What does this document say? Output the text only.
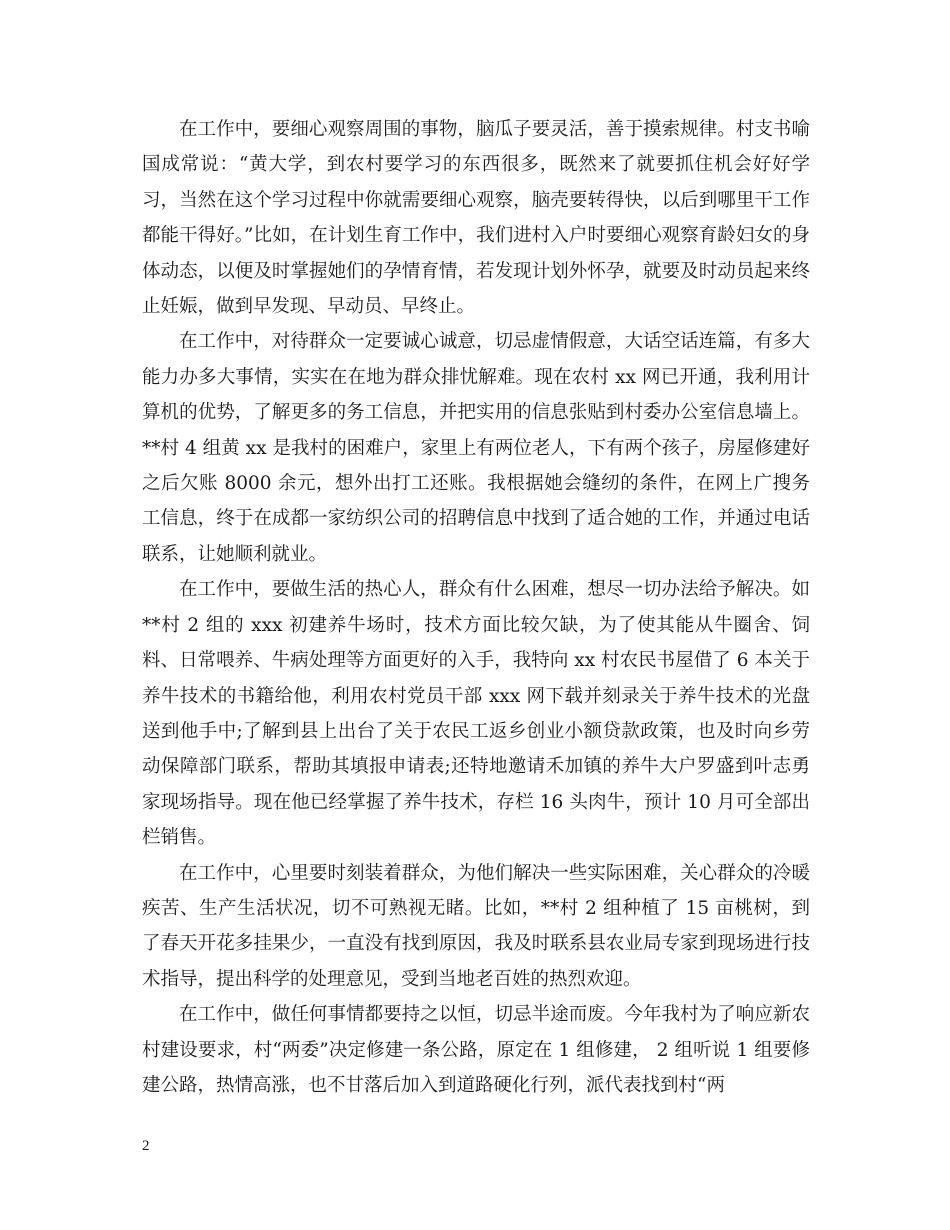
在工作中，要细心观察周围的事物，脑瓜子要灵活，善于摸索规律。村支书喻国成常说：“黄大学，到农村要学习的东西很多，既然来了就要抓住机会好好学习，当然在这个学习过程中你就需要细心观察，脑壳要转得快，以后到哪里干工作都能干得好。”比如，在计划生育工作中，我们进村入户时要细心观察育龄妇女的身体动态，以便及时掌握她们的孕情育情，若发现计划外怀孕，就要及时动员起来终止妊娠，做到早发现、早动员、早终止。

在工作中，对待群众一定要诚心诚意，切忌虚情假意，大话空话连篇，有多大能力办多大事情，实实在在地为群众排忧解难。现在农村 xx 网已开通，我利用计算机的优势，了解更多的务工信息，并把实用的信息张贴到村委办公室信息墙上。**村 4 组黄 xx 是我村的困难户，家里上有两位老人，下有两个孩子，房屋修建好之后欠账 8000 余元，想外出打工还账。我根据她会缝纫的条件，在网上广搜务工信息，终于在成都一家纺织公司的招聘信息中找到了适合她的工作，并通过电话联系，让她顺利就业。

在工作中，要做生活的热心人，群众有什么困难，想尽一切办法给予解决。如**村 2 组的 xxx 初建养牛场时，技术方面比较欠缺，为了使其能从牛圈舍、饲料、日常喂养、牛病处理等方面更好的入手，我特向 xx 村农民书屋借了 6 本关于养牛技术的书籍给他，利用农村党员干部 xxx 网下载并刻录关于养牛技术的光盘送到他手中;了解到县上出台了关于农民工返乡创业小额贷款政策，也及时向乡劳动保障部门联系，帮助其填报申请表;还特地邀请禾加镇的养牛大户罗盛到叶志勇家现场指导。现在他已经掌握了养牛技术，存栏 16 头肉牛，预计 10 月可全部出栏销售。

在工作中，心里要时刻装着群众，为他们解决一些实际困难，关心群众的冷暖疾苦、生产生活状况，切不可熟视无睹。比如，**村 2 组种植了 15 亩桃树，到了春天开花多挂果少，一直没有找到原因，我及时联系县农业局专家到现场进行技术指导，提出科学的处理意见，受到当地老百姓的热烈欢迎。

在工作中，做任何事情都要持之以恒，切忌半途而废。今年我村为了响应新农村建设要求，村“两委”决定修建一条公路，原定在 1 组修建， 2 组听说 1 组要修建公路，热情高涨，也不甘落后加入到道路硬化行列，派代表找到村“两

2
